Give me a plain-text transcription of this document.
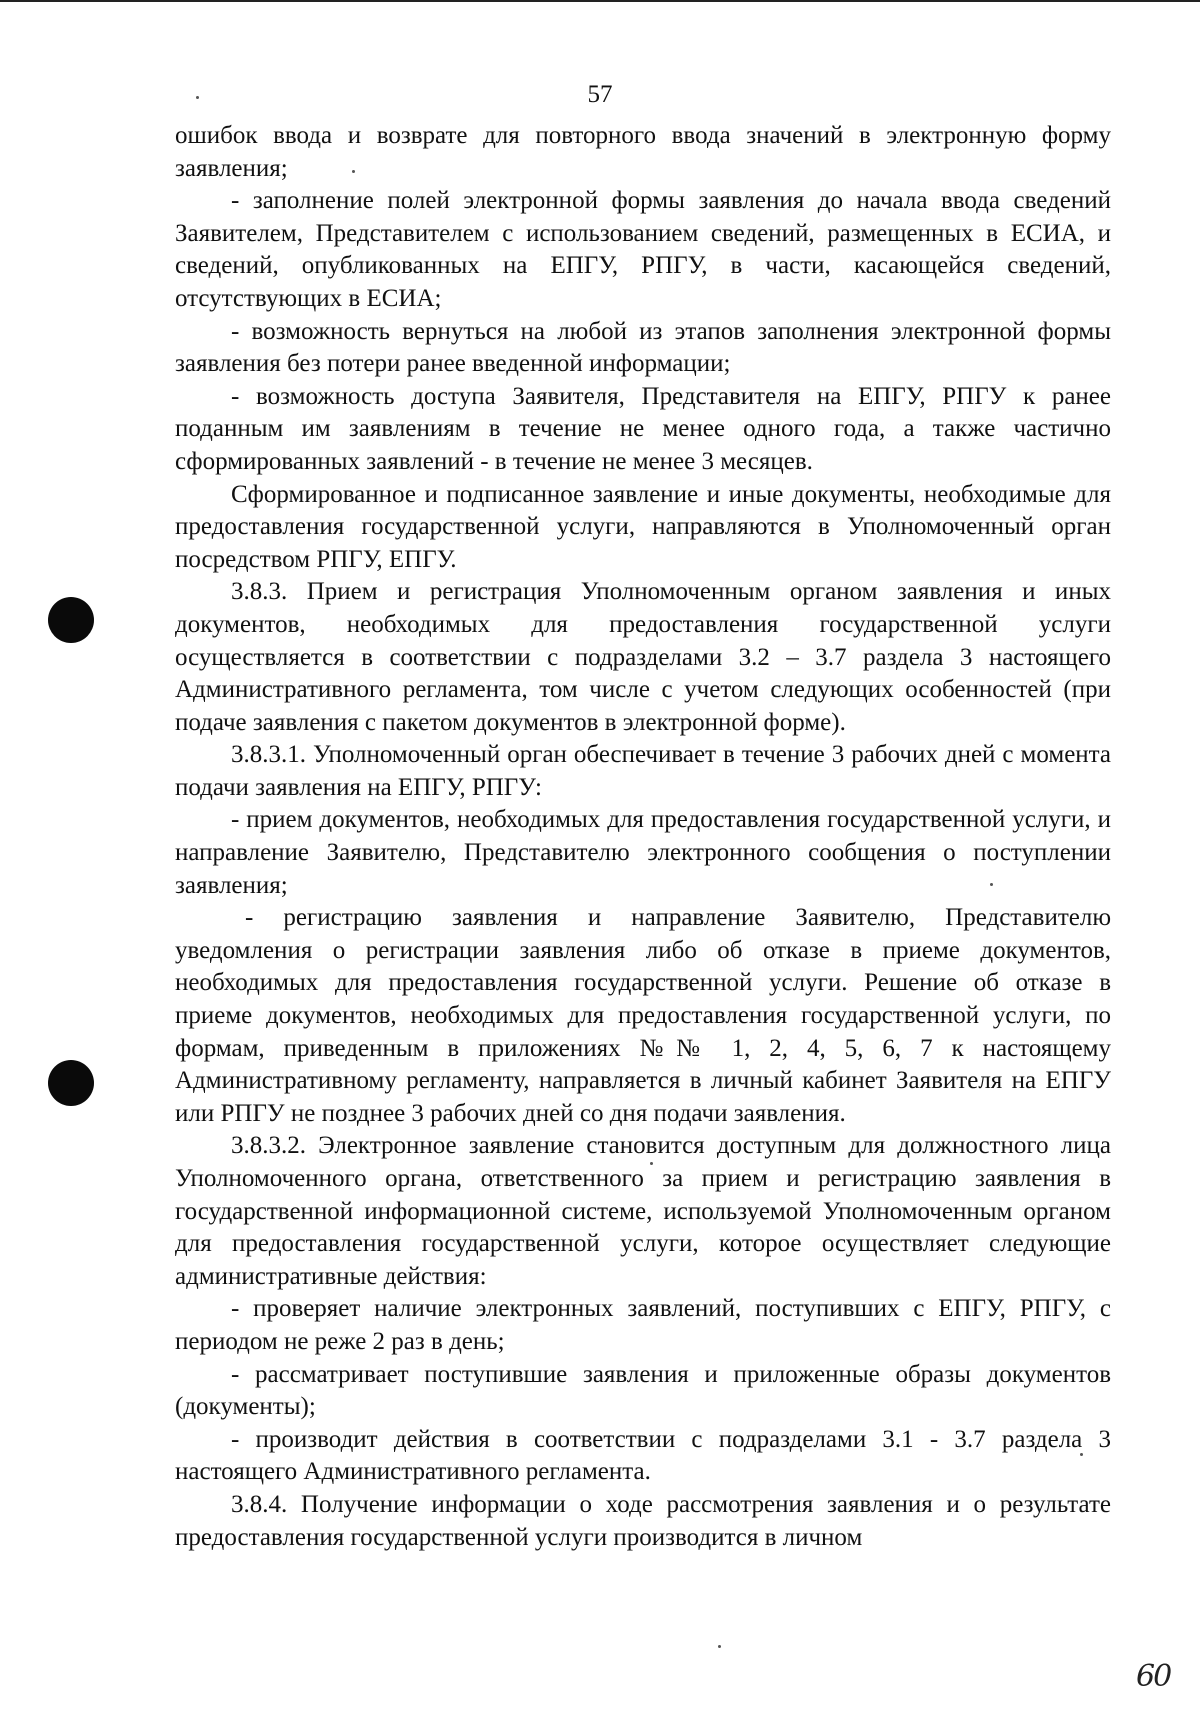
57

ошибок ввода и возврате для повторного ввода значений в электронную форму заявления;

- заполнение полей электронной формы заявления до начала ввода сведений Заявителем, Представителем с использованием сведений, размещенных в ЕСИА, и сведений, опубликованных на ЕПГУ, РПГУ, в части, касающейся сведений, отсутствующих в ЕСИА;

- возможность вернуться на любой из этапов заполнения электронной формы заявления без потери ранее введенной информации;

- возможность доступа Заявителя, Представителя на ЕПГУ, РПГУ к ранее поданным им заявлениям в течение не менее одного года, а также частично сформированных заявлений - в течение не менее 3 месяцев.

Сформированное и подписанное заявление и иные документы, необходимые для предоставления государственной услуги, направляются в Уполномоченный орган посредством РПГУ, ЕПГУ.

3.8.3. Прием и регистрация Уполномоченным органом заявления и иных документов, необходимых для предоставления государственной услуги осуществляется в соответствии с подразделами 3.2 – 3.7 раздела 3 настоящего Административного регламента, том числе с учетом следующих особенностей (при подаче заявления с пакетом документов в электронной форме).

3.8.3.1. Уполномоченный орган обеспечивает в течение 3 рабочих дней с момента подачи заявления на ЕПГУ, РПГУ:

- прием документов, необходимых для предоставления государственной услуги, и направление Заявителю, Представителю электронного сообщения о поступлении заявления;

- регистрацию заявления и направление Заявителю, Представителю уведомления о регистрации заявления либо об отказе в приеме документов, необходимых для предоставления государственной услуги. Решение об отказе в приеме документов, необходимых для предоставления государственной услуги, по формам, приведенным в приложениях №№ 1, 2, 4, 5, 6, 7 к настоящему Административному регламенту, направляется в личный кабинет Заявителя на ЕПГУ или РПГУ не позднее 3 рабочих дней со дня подачи заявления.

3.8.3.2. Электронное заявление становится доступным для должностного лица Уполномоченного органа, ответственного за прием и регистрацию заявления в государственной информационной системе, используемой Уполномоченным органом для предоставления государственной услуги, которое осуществляет следующие административные действия:

- проверяет наличие электронных заявлений, поступивших с ЕПГУ, РПГУ, с периодом не реже 2 раз в день;

- рассматривает поступившие заявления и приложенные образы документов (документы);

- производит действия в соответствии с подразделами 3.1 - 3.7 раздела 3 настоящего Административного регламента.

3.8.4. Получение информации о ходе рассмотрения заявления и о результате предоставления государственной услуги производится в личном

60
